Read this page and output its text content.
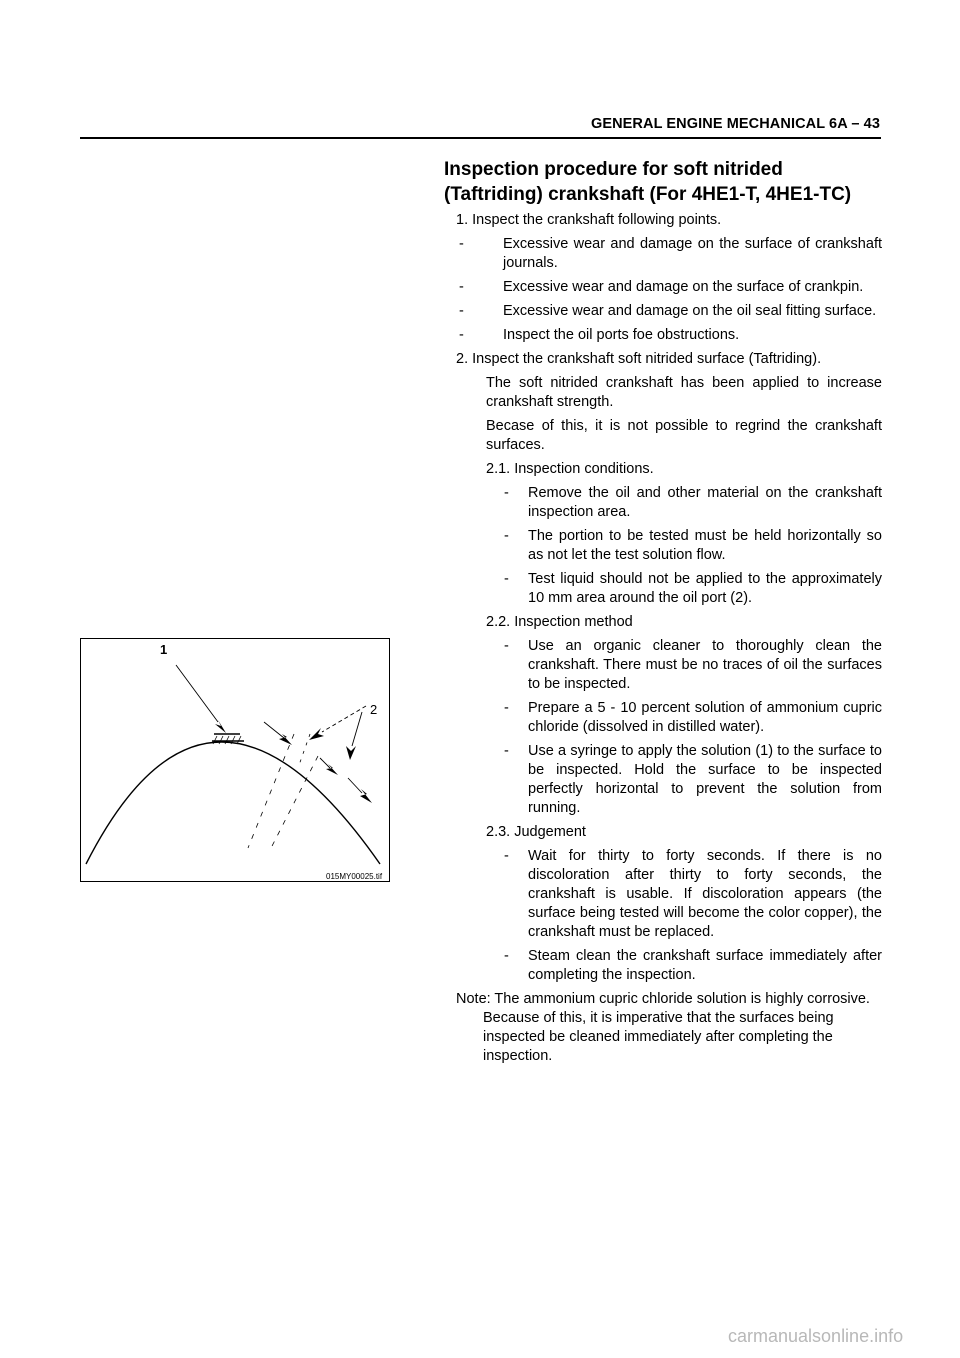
GENERAL ENGINE MECHANICAL 6A – 43
Inspection procedure for soft nitrided
(Taftriding) crankshaft (For 4HE1-T, 4HE1-TC)
1. Inspect the crankshaft following points.
-	Excessive wear and damage on the surface of crankshaft journals.
-	Excessive wear and damage on the surface of crankpin.
-	Excessive wear and damage on the oil seal fitting surface.
-	Inspect the oil ports foe obstructions.
2. Inspect the crankshaft soft nitrided surface (Taftriding).
The soft nitrided crankshaft has been applied to increase crankshaft strength.
Becase of this, it is not possible to regrind the crankshaft surfaces.
2.1. Inspection conditions.
-	Remove the oil and other material on the crankshaft inspection area.
-	The portion to be tested must be held horizontally so as not let the test solution flow.
-	Test liquid should not be applied to the approximately 10 mm area around the oil port (2).
2.2. Inspection method
-	Use an organic cleaner to thoroughly clean the crankshaft. There must be no traces of oil the surfaces to be inspected.
-	Prepare a 5 - 10 percent solution of ammonium cupric chloride (dissolved in distilled water).
-	Use a syringe to apply the solution (1) to the surface to be inspected. Hold the surface to be inspected perfectly horizontal to prevent the solution from running.
2.3. Judgement
-	Wait for thirty to forty seconds. If there is no discoloration after thirty to forty seconds, the crankshaft is usable. If discoloration appears (the surface being tested will become the color copper), the crankshaft must be replaced.
-	Steam clean the crankshaft surface immediately after completing the inspection.
Note: The ammonium cupric chloride solution is highly corrosive. Because of this, it is imperative that the surfaces being inspected be cleaned immediately after completing the inspection.
1
2
015MY00025.tif
carmanualsonline.info
